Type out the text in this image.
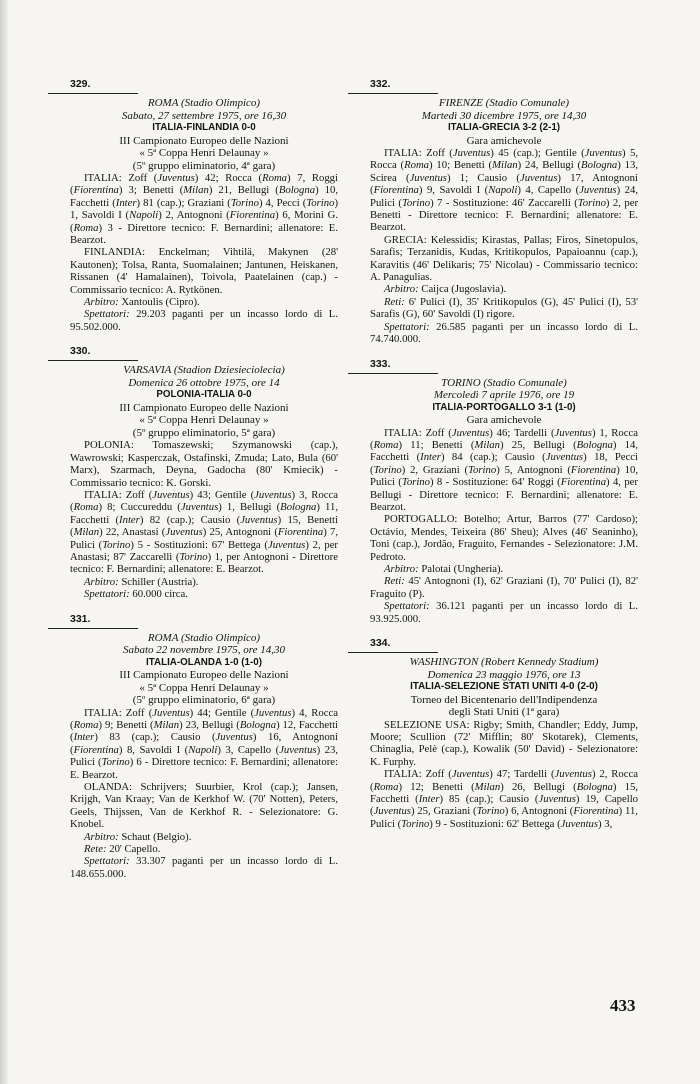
329.

ROMA (Stadio Olimpico)

Sabato, 27 settembre 1975, ore 16,30

ITALIA-FINLANDIA 0-0

III Campionato Europeo delle Nazioni

« 5ª Coppa Henri Delaunay »

(5º gruppo eliminatorio, 4ª gara)

ITALIA: Zoff (Juventus) 42; Rocca (Roma) 7, Roggi (Fiorentina) 3; Benetti (Milan) 21, Bellugi (Bologna) 10, Facchetti (Inter) 81 (cap.); Graziani (Torino) 4, Pecci (Torino) 1, Savoldi I (Napoli) 2, Antognoni (Fiorentina) 6, Morini G. (Roma) 3 - Direttore tecnico: F. Bernardini; allenatore: E. Bearzot.

FINLANDIA: Enckelman; Vihtilä, Makynen (28' Kautonen); Tolsa, Ranta, Suomalainen; Jantunen, Heiskanen, Rissanen (4' Hamalainen), Toivola, Paatelainen (cap.) - Commissario tecnico: A. Rytkönen.

Arbitro: Xantoulis (Cipro).

Spettatori: 29.203 paganti per un incasso lordo di L. 95.502.000.

330.

VARSAVIA (Stadion Dziesieciolecia)

Domenica 26 ottobre 1975, ore 14

POLONIA-ITALIA 0-0

III Campionato Europeo delle Nazioni

« 5ª Coppa Henri Delaunay »

(5º gruppo eliminatorio, 5ª gara)

POLONIA: Tomaszewski; Szymanowski (cap.), Wawrowski; Kasperczak, Ostafinski, Zmuda; Lato, Bula (60' Marx), Szarmach, Deyna, Gadocha (80' Kmiecik) - Commissario tecnico: K. Gorski.

ITALIA: Zoff (Juventus) 43; Gentile (Juventus) 3, Rocca (Roma) 8; Cuccureddu (Juventus) 1, Bellugi (Bologna) 11, Facchetti (Inter) 82 (cap.); Causio (Juventus) 15, Benetti (Milan) 22, Anastasi (Juventus) 25, Antognoni (Fiorentina) 7, Pulici (Torino) 5 - Sostituzioni: 67' Bettega (Juventus) 2, per Anastasi; 87' Zaccarelli (Torino) 1, per Antognoni - Direttore tecnico: F. Bernardini; allenatore: E. Bearzot.

Arbitro: Schiller (Austria).

Spettatori: 60.000 circa.

331.

ROMA (Stadio Olimpico)

Sabato 22 novembre 1975, ore 14,30

ITALIA-OLANDA 1-0 (1-0)

III Campionato Europeo delle Nazioni

« 5ª Coppa Henri Delaunay »

(5º gruppo eliminatorio, 6ª gara)

ITALIA: Zoff (Juventus) 44; Gentile (Juventus) 4, Rocca (Roma) 9; Benetti (Milan) 23, Bellugi (Bologna) 12, Facchetti (Inter) 83 (cap.); Causio (Juventus) 16, Antognoni (Fiorentina) 8, Savoldi I (Napoli) 3, Capello (Juventus) 23, Pulici (Torino) 6 - Direttore tecnico: F. Bernardini; allenatore: E. Bearzot.

OLANDA: Schrijvers; Suurbier, Krol (cap.); Jansen, Krijgh, Van Kraay; Van de Kerkhof W. (70' Notten), Peters, Geels, Thijssen, Van de Kerkhof R. - Selezionatore: G. Knobel.

Arbitro: Schaut (Belgio).

Rete: 20' Capello.

Spettatori: 33.307 paganti per un incasso lordo di L. 148.655.000.

332.

FIRENZE (Stadio Comunale)

Martedì 30 dicembre 1975, ore 14,30

ITALIA-GRECIA 3-2 (2-1)

Gara amichevole

ITALIA: Zoff (Juventus) 45 (cap.); Gentile (Juventus) 5, Rocca (Roma) 10; Benetti (Milan) 24, Bellugi (Bologna) 13, Scirea (Juventus) 1; Causio (Juventus) 17, Antognoni (Fiorentina) 9, Savoldi I (Napoli) 4, Capello (Juventus) 24, Pulici (Torino) 7 - Sostituzione: 46' Zaccarelli (Torino) 2, per Benetti - Direttore tecnico: F. Bernardini; allenatore: E. Bearzot.

GRECIA: Kelessidis; Kirastas, Pallas; Firos, Sinetopulos, Sarafis; Terzanidis, Kudas, Kritikopulos, Papaioannu (cap.), Karavitis (46' Delikaris; 75' Nicolau) - Commissario tecnico: A. Panagulias.

Arbitro: Caijca (Jugoslavia).

Reti: 6' Pulici (I), 35' Kritikopulos (G), 45' Pulici (I), 53' Sarafis (G), 60' Savoldi (I) rigore.

Spettatori: 26.585 paganti per un incasso lordo di L. 74.740.000.

333.

TORINO (Stadio Comunale)

Mercoledì 7 aprile 1976, ore 19

ITALIA-PORTOGALLO 3-1 (1-0)

Gara amichevole

ITALIA: Zoff (Juventus) 46; Tardelli (Juventus) 1, Rocca (Roma) 11; Benetti (Milan) 25, Bellugi (Bologna) 14, Facchetti (Inter) 84 (cap.); Causio (Juventus) 18, Pecci (Torino) 2, Graziani (Torino) 5, Antognoni (Fiorentina) 10, Pulici (Torino) 8 - Sostituzione: 64' Roggi (Fiorentina) 4, per Bellugi - Direttore tecnico: F. Bernardini; allenatore: E. Bearzot.

PORTOGALLO: Botelho; Artur, Barros (77' Cardoso); Octávio, Mendes, Teixeira (86' Sheu); Alves (46' Seaninho), Toni (cap.), Jordão, Fraguito, Fernandes - Selezionatore: J.M. Pedroto.

Arbitro: Palotai (Ungheria).

Reti: 45' Antognoni (I), 62' Graziani (I), 70' Pulici (I), 82' Fraguito (P).

Spettatori: 36.121 paganti per un incasso lordo di L. 93.925.000.

334.

WASHINGTON (Robert Kennedy Stadium)

Domenica 23 maggio 1976, ore 13

ITALIA-SELEZIONE STATI UNITI 4-0 (2-0)

Torneo del Bicentenario dell'Indipendenza

degli Stati Uniti (1ª gara)

SELEZIONE USA: Rigby; Smith, Chandler; Eddy, Jump, Moore; Scullion (72' Mifflin; 80' Skotarek), Clements, Chinaglia, Pelè (cap.), Kowalik (50' David) - Selezionatore: K. Furphy.

ITALIA: Zoff (Juventus) 47; Tardelli (Juventus) 2, Rocca (Roma) 12; Benetti (Milan) 26, Bellugi (Bologna) 15, Facchetti (Inter) 85 (cap.); Causio (Juventus) 19, Capello (Juventus) 25, Graziani (Torino) 6, Antognoni (Fiorentina) 11, Pulici (Torino) 9 - Sostituzioni: 62' Bettega (Juventus) 3,

433
